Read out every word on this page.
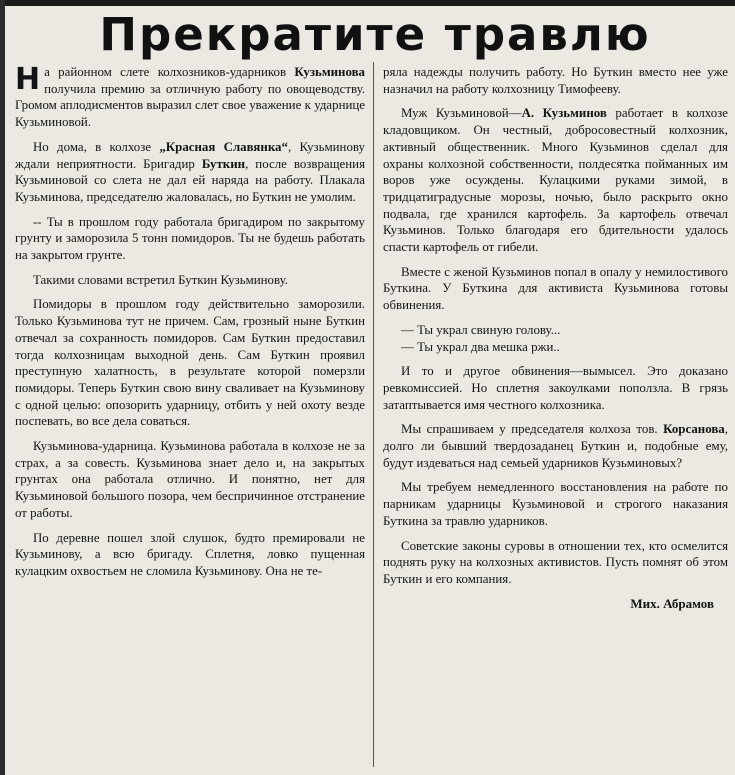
Прекратите травлю

На районном слете колхозников-ударников Кузьминова получила премию за отличную работу по овощеводству. Громом аплодисментов выразил слет свое уважение к ударнице Кузьминовой.

Но дома, в колхозе „Красная Славянка“, Кузьминову ждали неприятности. Бригадир Буткин, после возвращения Кузьминовой со слета не дал ей наряда на работу. Плакала Кузьминова, председателю жаловалась, но Буткин не умолим.

-- Ты в прошлом году работала бригадиром по закрытому грунту и заморозила 5 тонн помидоров. Ты не будешь работать на закрытом грунте.

Такими словами встретил Буткин Кузьминову.

Помидоры в прошлом году действительно заморозили. Только Кузьминова тут не причем. Сам, грозный ныне Буткин отвечал за сохранность помидоров. Сам Буткин предоставил тогда колхозницам выходной день. Сам Буткин проявил преступную халатность, в результате которой померзли помидоры. Теперь Буткин свою вину сваливает на Кузьминову с одной целью: опозорить ударницу, отбить у ней охоту везде поспевать, во все дела соваться.

Кузьминова-ударница. Кузьминова работала в колхозе не за страх, а за совесть. Кузьминова знает дело и, на закрытых грунтах она работала отлично. И понятно, нет для Кузьминовой большого позора, чем беспричинное отстранение от работы.

По деревне пошел злой слушок, будто премировали не Кузьминову, а всю бригаду. Сплетня, ловко пущенная кулацким охвостьем не сломила Кузьминову. Она не те-

ряла надежды получить работу. Но Буткин вместо нее уже назначил на работу колхозницу Тимофееву.

Муж Кузьминовой—А. Кузьминов работает в колхозе кладовщиком. Он честный, добросовестный колхозник, активный общественник. Много Кузьминов сделал для охраны колхозной собственности, полдесятка пойманных им воров уже осуждены. Кулацкими руками зимой, в тридцатиградусные морозы, ночью, было раскрыто окно подвала, где хранился картофель. За картофель отвечал Кузьминов. Только благодаря его бдительности удалось спасти картофель от гибели.

Вместе с женой Кузьминов попал в опалу у немилостивого Буткина. У Буткина для активиста Кузьминова готовы обвинения.

— Ты украл свиную голову...

— Ты украл два мешка ржи..

И то и другое обвинения—вымысел. Это доказано ревкомиссией. Но сплетня закоулками поползла. В грязь затаптывается имя честного колхозника.

Мы спрашиваем у председателя колхоза тов. Корсанова, долго ли бывший твердозаданец Буткин и, подобные ему, будут издеваться над семьей ударников Кузьминовых?

Мы требуем немедленного восстановления на работе по парникам ударницы Кузьминовой и строгого наказания Буткина за травлю ударников.

Советские законы суровы в отношении тех, кто осмелится поднять руку на колхозных активистов. Пусть помнят об этом Буткин и его компания.

Мих. Абрамов
